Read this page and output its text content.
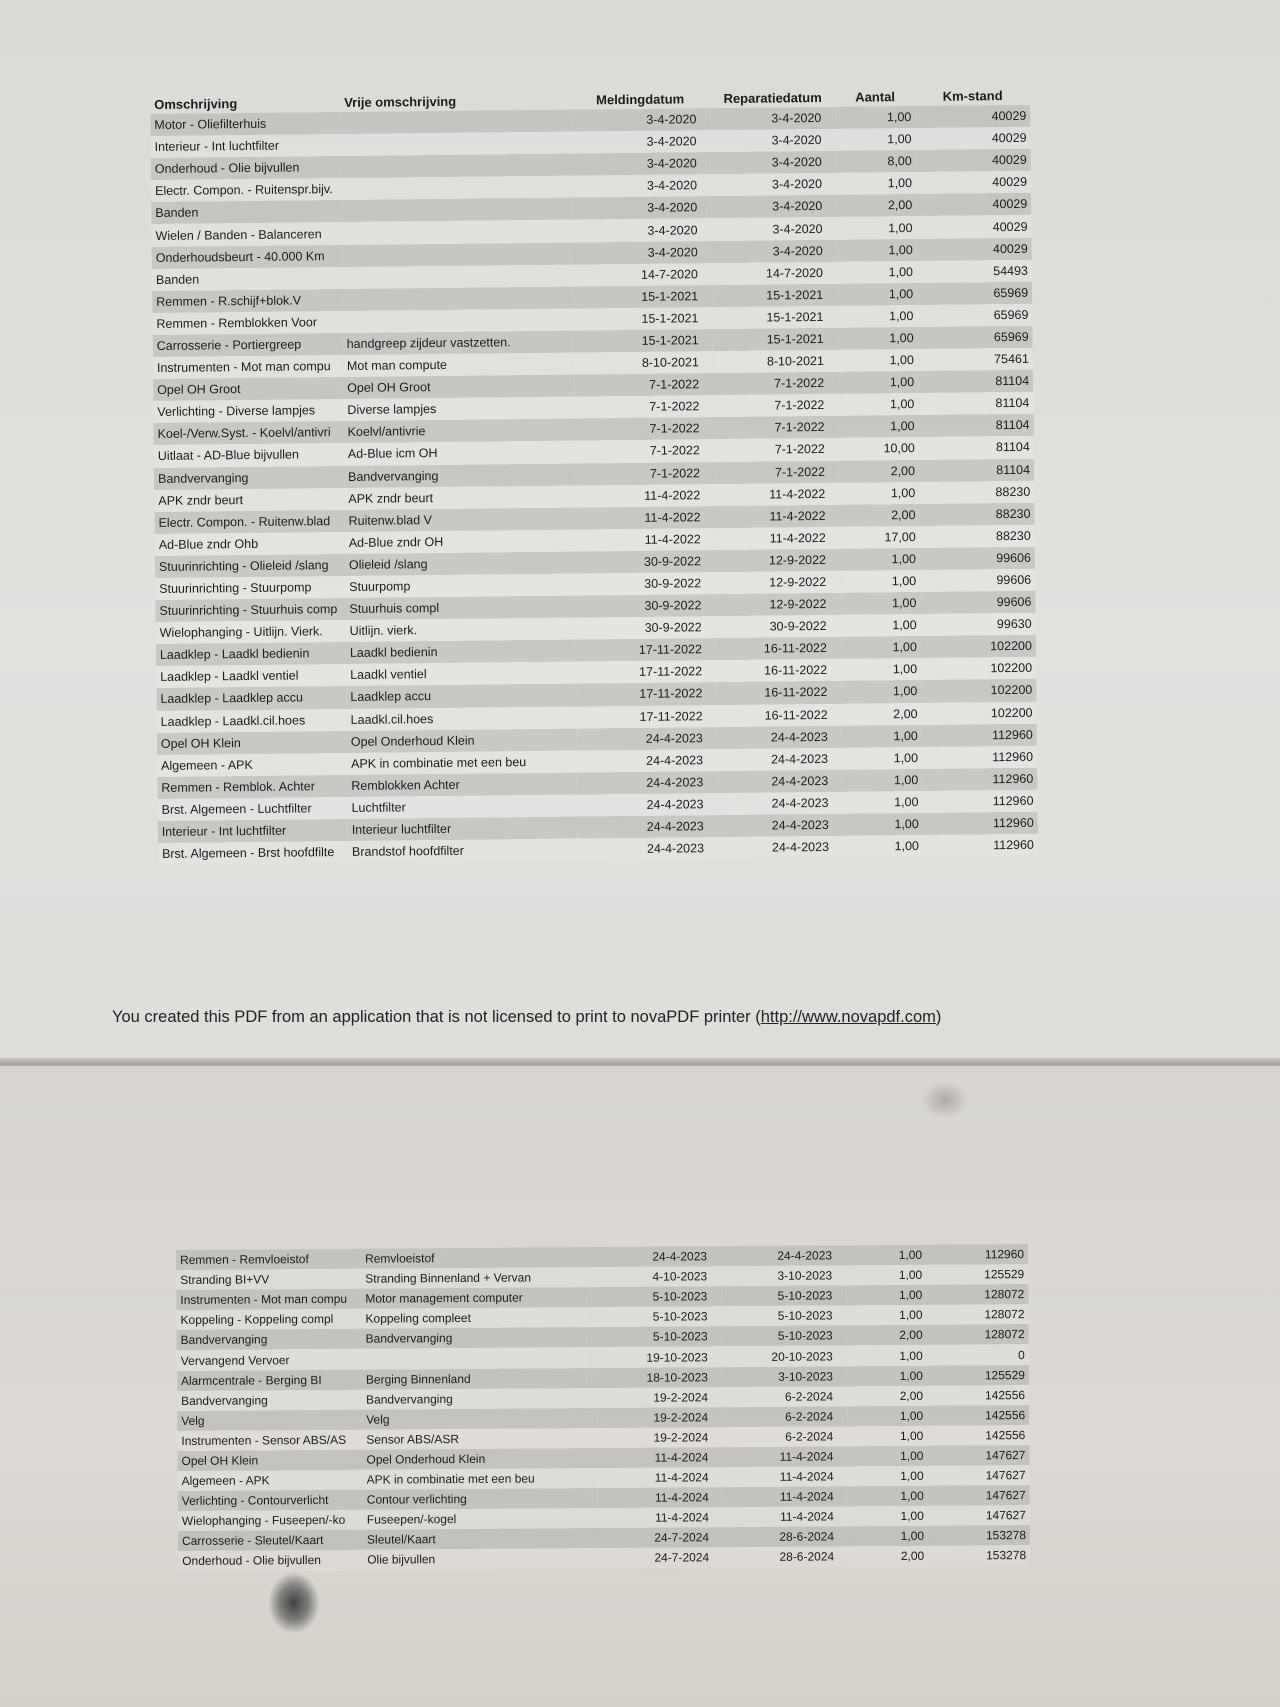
Omschrijving	Vrije omschrijving	Meldingdatum	Reparatiedatum	Aantal	Km-stand
Motor - Oliefilterhuis		3-4-2020	3-4-2020	1,00	40029
Interieur - Int luchtfilter		3-4-2020	3-4-2020	1,00	40029
Onderhoud - Olie bijvullen		3-4-2020	3-4-2020	8,00	40029
Electr. Compon. - Ruitenspr.bijv.		3-4-2020	3-4-2020	1,00	40029
Banden		3-4-2020	3-4-2020	2,00	40029
Wielen / Banden - Balanceren		3-4-2020	3-4-2020	1,00	40029
Onderhoudsbeurt - 40.000 Km		3-4-2020	3-4-2020	1,00	40029
Banden		14-7-2020	14-7-2020	1,00	54493
Remmen - R.schijf+blok.V		15-1-2021	15-1-2021	1,00	65969
Remmen - Remblokken Voor		15-1-2021	15-1-2021	1,00	65969
Carrosserie - Portiergreep	handgreep zijdeur vastzetten.	15-1-2021	15-1-2021	1,00	65969
Instrumenten - Mot man compu	Mot man compute	8-10-2021	8-10-2021	1,00	75461
Opel OH Groot	Opel OH Groot	7-1-2022	7-1-2022	1,00	81104
Verlichting - Diverse lampjes	Diverse lampjes	7-1-2022	7-1-2022	1,00	81104
Koel-/Verw.Syst. - Koelvl/antivri	Koelvl/antivrie	7-1-2022	7-1-2022	1,00	81104
Uitlaat - AD-Blue bijvullen	Ad-Blue icm OH	7-1-2022	7-1-2022	10,00	81104
Bandvervanging	Bandvervanging	7-1-2022	7-1-2022	2,00	81104
APK zndr beurt	APK zndr beurt	11-4-2022	11-4-2022	1,00	88230
Electr. Compon. - Ruitenw.blad	Ruitenw.blad V	11-4-2022	11-4-2022	2,00	88230
Ad-Blue zndr Ohb	Ad-Blue zndr OH	11-4-2022	11-4-2022	17,00	88230
Stuurinrichting - Olieleid /slang	Olieleid /slang	30-9-2022	12-9-2022	1,00	99606
Stuurinrichting - Stuurpomp	Stuurpomp	30-9-2022	12-9-2022	1,00	99606
Stuurinrichting - Stuurhuis comp	Stuurhuis compl	30-9-2022	12-9-2022	1,00	99606
Wielophanging - Uitlijn. Vierk.	Uitlijn. vierk.	30-9-2022	30-9-2022	1,00	99630
Laadklep - Laadkl bedienin	Laadkl bedienin	17-11-2022	16-11-2022	1,00	102200
Laadklep - Laadkl ventiel	Laadkl ventiel	17-11-2022	16-11-2022	1,00	102200
Laadklep - Laadklep accu	Laadklep accu	17-11-2022	16-11-2022	1,00	102200
Laadklep - Laadkl.cil.hoes	Laadkl.cil.hoes	17-11-2022	16-11-2022	2,00	102200
Opel OH Klein	Opel Onderhoud Klein	24-4-2023	24-4-2023	1,00	112960
Algemeen - APK	APK in combinatie met een beu	24-4-2023	24-4-2023	1,00	112960
Remmen - Remblok. Achter	Remblokken Achter	24-4-2023	24-4-2023	1,00	112960
Brst. Algemeen - Luchtfilter	Luchtfilter	24-4-2023	24-4-2023	1,00	112960
Interieur - Int luchtfilter	Interieur luchtfilter	24-4-2023	24-4-2023	1,00	112960
Brst. Algemeen - Brst hoofdfilte	Brandstof hoofdfilter	24-4-2023	24-4-2023	1,00	112960
You created this PDF from an application that is not licensed to print to novaPDF printer (http://www.novapdf.com)
Remmen - Remvloeistof	Remvloeistof	24-4-2023	24-4-2023	1,00	112960
Stranding BI+VV	Stranding Binnenland + Vervan	4-10-2023	3-10-2023	1,00	125529
Instrumenten - Mot man compu	Motor management computer	5-10-2023	5-10-2023	1,00	128072
Koppeling - Koppeling compl	Koppeling compleet	5-10-2023	5-10-2023	1,00	128072
Bandvervanging	Bandvervanging	5-10-2023	5-10-2023	2,00	128072
Vervangend Vervoer		19-10-2023	20-10-2023	1,00	0
Alarmcentrale - Berging BI	Berging Binnenland	18-10-2023	3-10-2023	1,00	125529
Bandvervanging	Bandvervanging	19-2-2024	6-2-2024	2,00	142556
Velg	Velg	19-2-2024	6-2-2024	1,00	142556
Instrumenten - Sensor ABS/AS	Sensor ABS/ASR	19-2-2024	6-2-2024	1,00	142556
Opel OH Klein	Opel Onderhoud Klein	11-4-2024	11-4-2024	1,00	147627
Algemeen - APK	APK in combinatie met een beu	11-4-2024	11-4-2024	1,00	147627
Verlichting - Contourverlicht	Contour verlichting	11-4-2024	11-4-2024	1,00	147627
Wielophanging - Fuseepen/-ko	Fuseepen/-kogel	11-4-2024	11-4-2024	1,00	147627
Carrosserie - Sleutel/Kaart	Sleutel/Kaart	24-7-2024	28-6-2024	1,00	153278
Onderhoud - Olie bijvullen	Olie bijvullen	24-7-2024	28-6-2024	2,00	153278
